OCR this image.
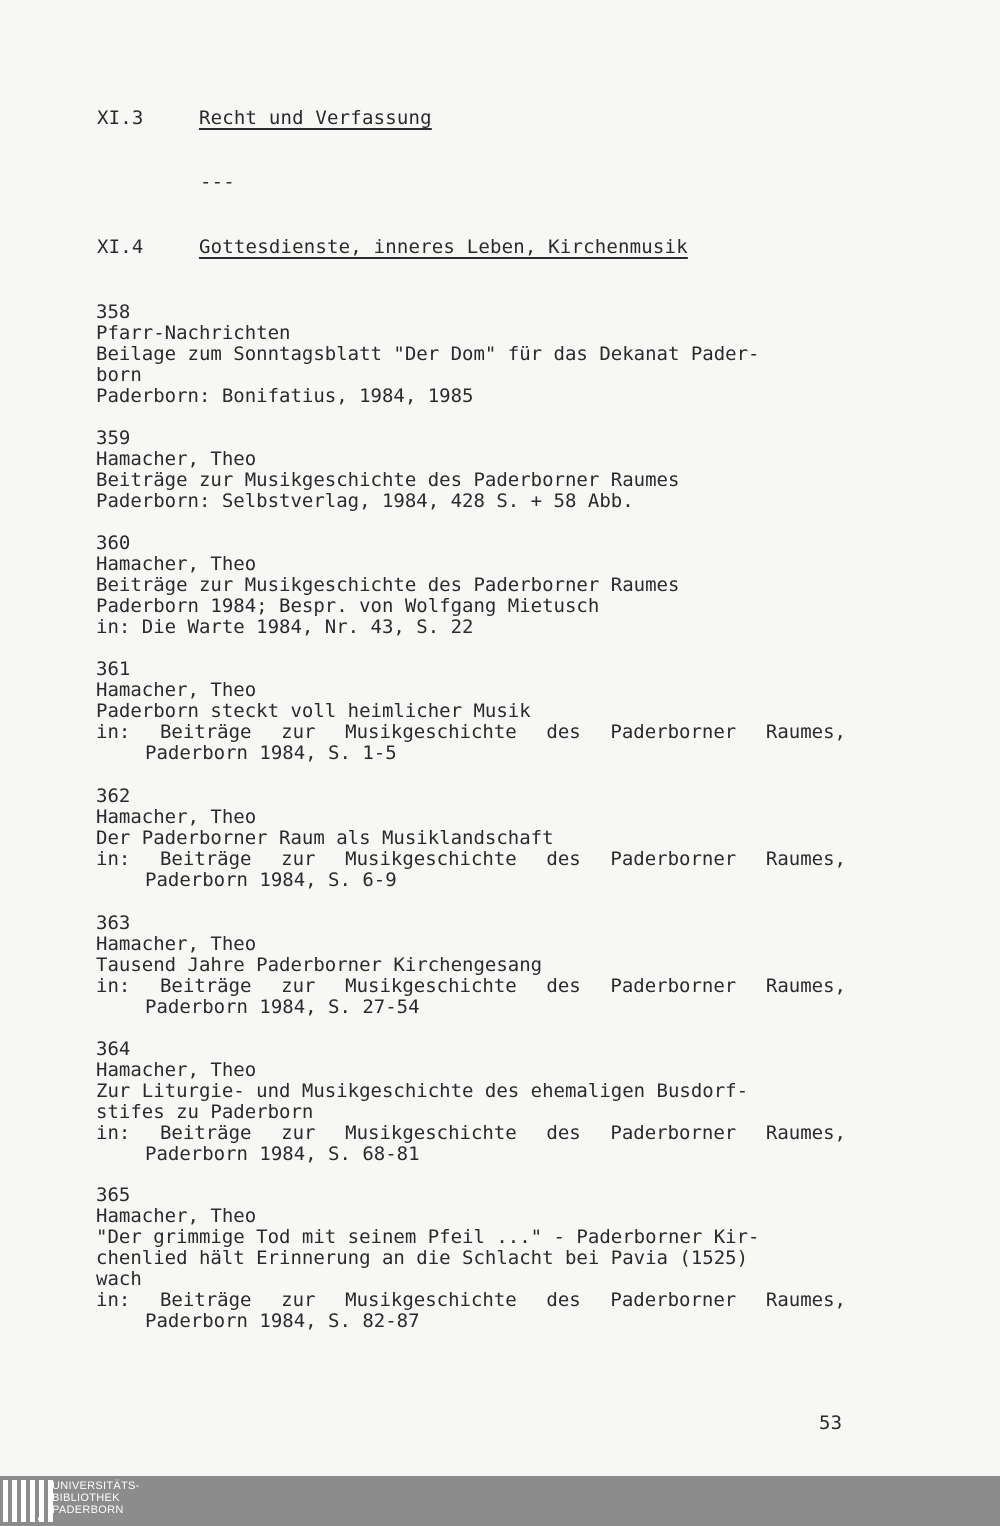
XI.3	Recht und Verfassung
---
XI.4	Gottesdienste, inneres Leben, Kirchenmusik
358
Pfarr-Nachrichten
Beilage zum Sonntagsblatt "Der Dom" für das Dekanat Pader-
born
Paderborn: Bonifatius, 1984, 1985
359
Hamacher, Theo
Beiträge zur Musikgeschichte des Paderborner Raumes
Paderborn: Selbstverlag, 1984, 428 S. + 58 Abb.
360
Hamacher, Theo
Beiträge zur Musikgeschichte des Paderborner Raumes
Paderborn 1984; Bespr. von Wolfgang Mietusch
in: Die Warte 1984, Nr. 43, S. 22
361
Hamacher, Theo
Paderborn steckt voll heimlicher Musik
in: Beiträge zur Musikgeschichte des Paderborner Raumes,
Paderborn 1984, S. 1-5
362
Hamacher, Theo
Der Paderborner Raum als Musiklandschaft
in: Beiträge zur Musikgeschichte des Paderborner Raumes,
Paderborn 1984, S. 6-9
363
Hamacher, Theo
Tausend Jahre Paderborner Kirchengesang
in: Beiträge zur Musikgeschichte des Paderborner Raumes,
Paderborn 1984, S. 27-54
364
Hamacher, Theo
Zur Liturgie- und Musikgeschichte des ehemaligen Busdorf-
stifes zu Paderborn
in: Beiträge zur Musikgeschichte des Paderborner Raumes,
Paderborn 1984, S. 68-81
365
Hamacher, Theo
"Der grimmige Tod mit seinem Pfeil ..." - Paderborner Kir-
chenlied hält Erinnerung an die Schlacht bei Pavia (1525)
wach
in: Beiträge zur Musikgeschichte des Paderborner Raumes,
Paderborn 1984, S. 82-87
53
UNIVERSITÄTS-
BIBLIOTHEK
PADERBORN
